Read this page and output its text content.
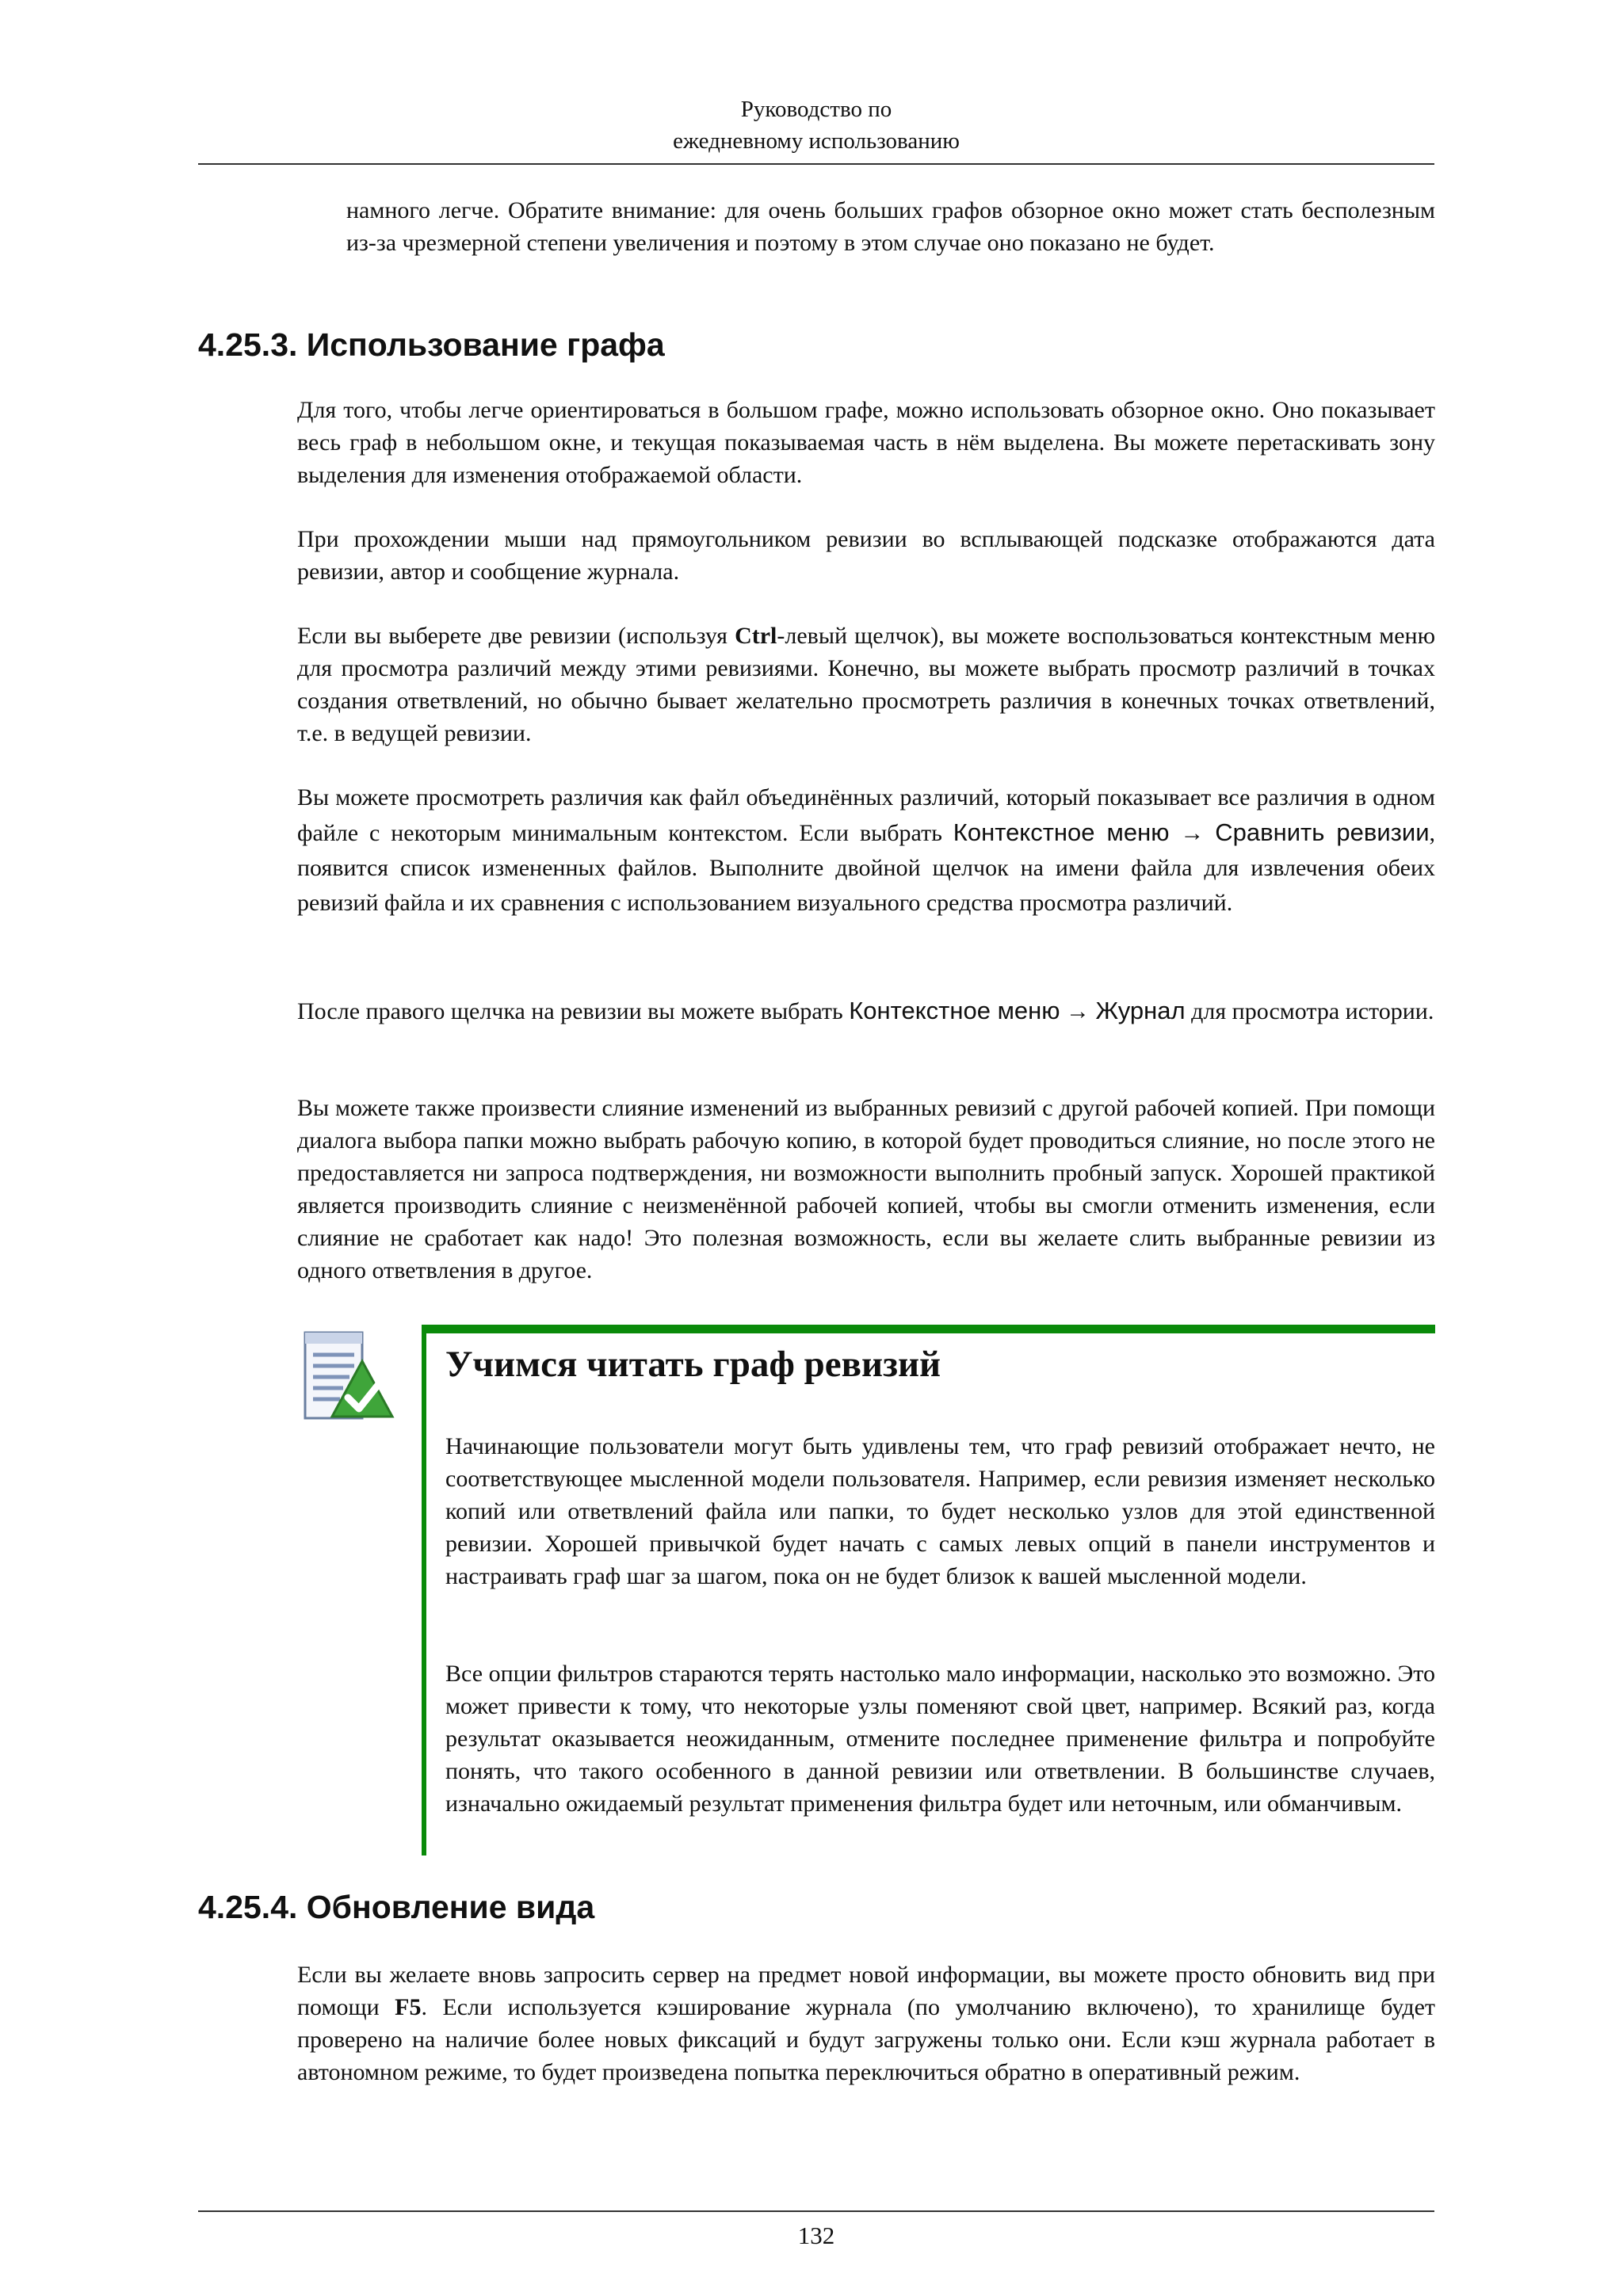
Руководство по
ежедневному использованию

намного легче. Обратите внимание: для очень больших графов обзорное окно может стать бесполезным из-за чрезмерной степени увеличения и поэтому в этом случае оно показано не будет.

4.25.3. Использование графа

Для того, чтобы легче ориентироваться в большом графе, можно использовать обзорное окно. Оно показывает весь граф в небольшом окне, и текущая показываемая часть в нём выделена. Вы можете перетаскивать зону выделения для изменения отображаемой области.

При прохождении мыши над прямоугольником ревизии во всплывающей подсказке отображаются дата ревизии, автор и сообщение журнала.

Если вы выберете две ревизии (используя Ctrl-левый щелчок), вы можете воспользоваться контекстным меню для просмотра различий между этими ревизиями. Конечно, вы можете выбрать просмотр различий в точках создания ответвлений, но обычно бывает желательно просмотреть различия в конечных точках ответвлений, т.е. в ведущей ревизии.

Вы можете просмотреть различия как файл объединённых различий, который показывает все различия в одном файле с некоторым минимальным контекстом. Если выбрать Контекстное меню → Сравнить ревизии, появится список измененных файлов. Выполните двойной щелчок на имени файла для извлечения обеих ревизий файла и их сравнения с использованием визуального средства просмотра различий.

После правого щелчка на ревизии вы можете выбрать Контекстное меню → Журнал для просмотра истории.

Вы можете также произвести слияние изменений из выбранных ревизий с другой рабочей копией. При помощи диалога выбора папки можно выбрать рабочую копию, в которой будет проводиться слияние, но после этого не предоставляется ни запроса подтверждения, ни возможности выполнить пробный запуск. Хорошей практикой является производить слияние с неизменённой рабочей копией, чтобы вы смогли отменить изменения, если слияние не сработает как надо! Это полезная возможность, если вы желаете слить выбранные ревизии из одного ответвления в другое.

Учимся читать граф ревизий

Начинающие пользователи могут быть удивлены тем, что граф ревизий отображает нечто, не соответствующее мысленной модели пользователя. Например, если ревизия изменяет несколько копий или ответвлений файла или папки, то будет несколько узлов для этой единственной ревизии. Хорошей привычкой будет начать с самых левых опций в панели инструментов и настраивать граф шаг за шагом, пока он не будет близок к вашей мысленной модели.

Все опции фильтров стараются терять настолько мало информации, насколько это возможно. Это может привести к тому, что некоторые узлы поменяют свой цвет, например. Всякий раз, когда результат оказывается неожиданным, отмените последнее применение фильтра и попробуйте понять, что такого особенного в данной ревизии или ответвлении. В большинстве случаев, изначально ожидаемый результат применения фильтра будет или неточным, или обманчивым.

4.25.4. Обновление вида

Если вы желаете вновь запросить сервер на предмет новой информации, вы можете просто обновить вид при помощи F5. Если используется кэширование журнала (по умолчанию включено), то хранилище будет проверено на наличие более новых фиксаций и будут загружены только они. Если кэш журнала работает в автономном режиме, то будет произведена попытка переключиться обратно в оперативный режим.

132
